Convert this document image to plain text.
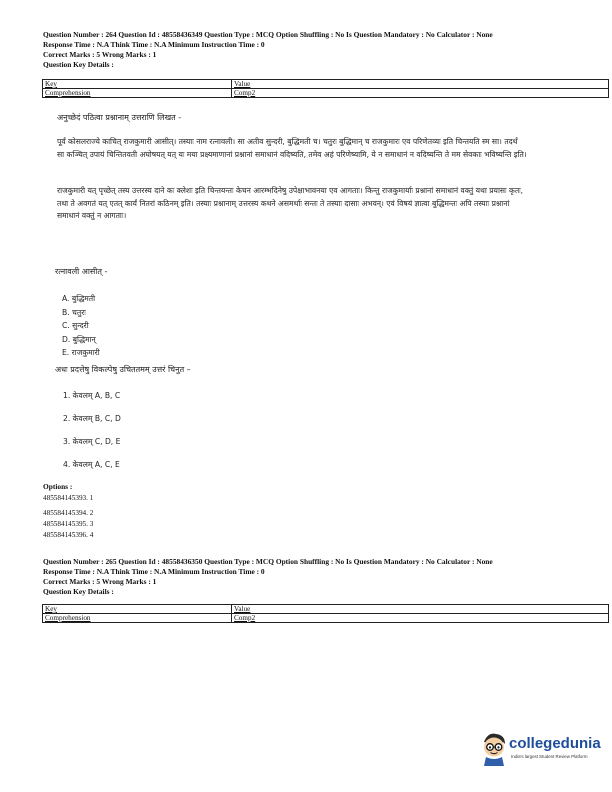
Question Number : 264 Question Id : 48558436349 Question Type : MCQ Option Shuffling : No Is Question Mandatory : No Calculator : None
Response Time : N.A Think Time : N.A Minimum Instruction Time : 0
Correct Marks : 5 Wrong Marks : 1
Question Key Details :
Key	Value
Comprehension	Comp2
अनुच्छेदं पठित्वा प्रश्नानाम् उत्तराणि लिखत -
पूर्वं कोसलराज्ये काचित् राजकुमारी आसीत्। तस्याः नाम रत्नावली। सा अतीव सुन्दरी, बुद्धिमती च। चतुरः बुद्धिमान् च राजकुमारः एव परिणेतव्यः इति चिन्तयति स्म सा। तदर्थं सा कञ्चित् उपायं चिन्तितवती अघोषयत् यत् यः मया प्रक्ष्यमाणानां प्रश्नानां समाधानं वदिष्यति, तमेव अहं परिणेष्यामि, ये न समाधानं न वदिष्यन्ति ते मम सेवकाः भविष्यन्ति इति।
राजकुमारी यत् पृच्छेत् तस्य उत्तरस्य दाने कः क्लेशः इति चिन्तयन्तः केचन आरम्भदिनेषु उपेक्षाभावनया एव आगताः। किन्तु राजकुमार्याः प्रश्नानां समाधानं वक्तुं यथा प्रयासः कृतः, तथा ते अवगतं यत् एतत् कार्यं नितरां कठिनम् इति। तस्याः प्रश्नानाम् उत्तरस्य कथने असमर्थाः सन्तः ते तस्याः दासाः अभवन्। एवं विषयं ज्ञात्वा बुद्धिमन्तः अपि तस्याः प्रश्नानां समाधानं वक्तुं न आगताः।
रत्नावली आसीत् -
A. बुद्धिमती
B. चतुरः
C. सुन्दरी
D. बुद्धिमान्
E. राजकुमारी
अधः प्रदत्तेषु विकल्पेषु उचिततमम् उत्तरं चिनुत –
1. केवलम् A, B, C
2. केवलम् B, C, D
3. केवलम् C, D, E
4. केवलम् A, C, E
Options :
485584145393. 1
485584145394. 2
485584145395. 3
485584145396. 4
Question Number : 265 Question Id : 48558436350 Question Type : MCQ Option Shuffling : No Is Question Mandatory : No Calculator : None
Response Time : N.A Think Time : N.A Minimum Instruction Time : 0
Correct Marks : 5 Wrong Marks : 1
Question Key Details :
Key	Value
Comprehension	Comp2
collegedunia
India's largest Student Review Platform
